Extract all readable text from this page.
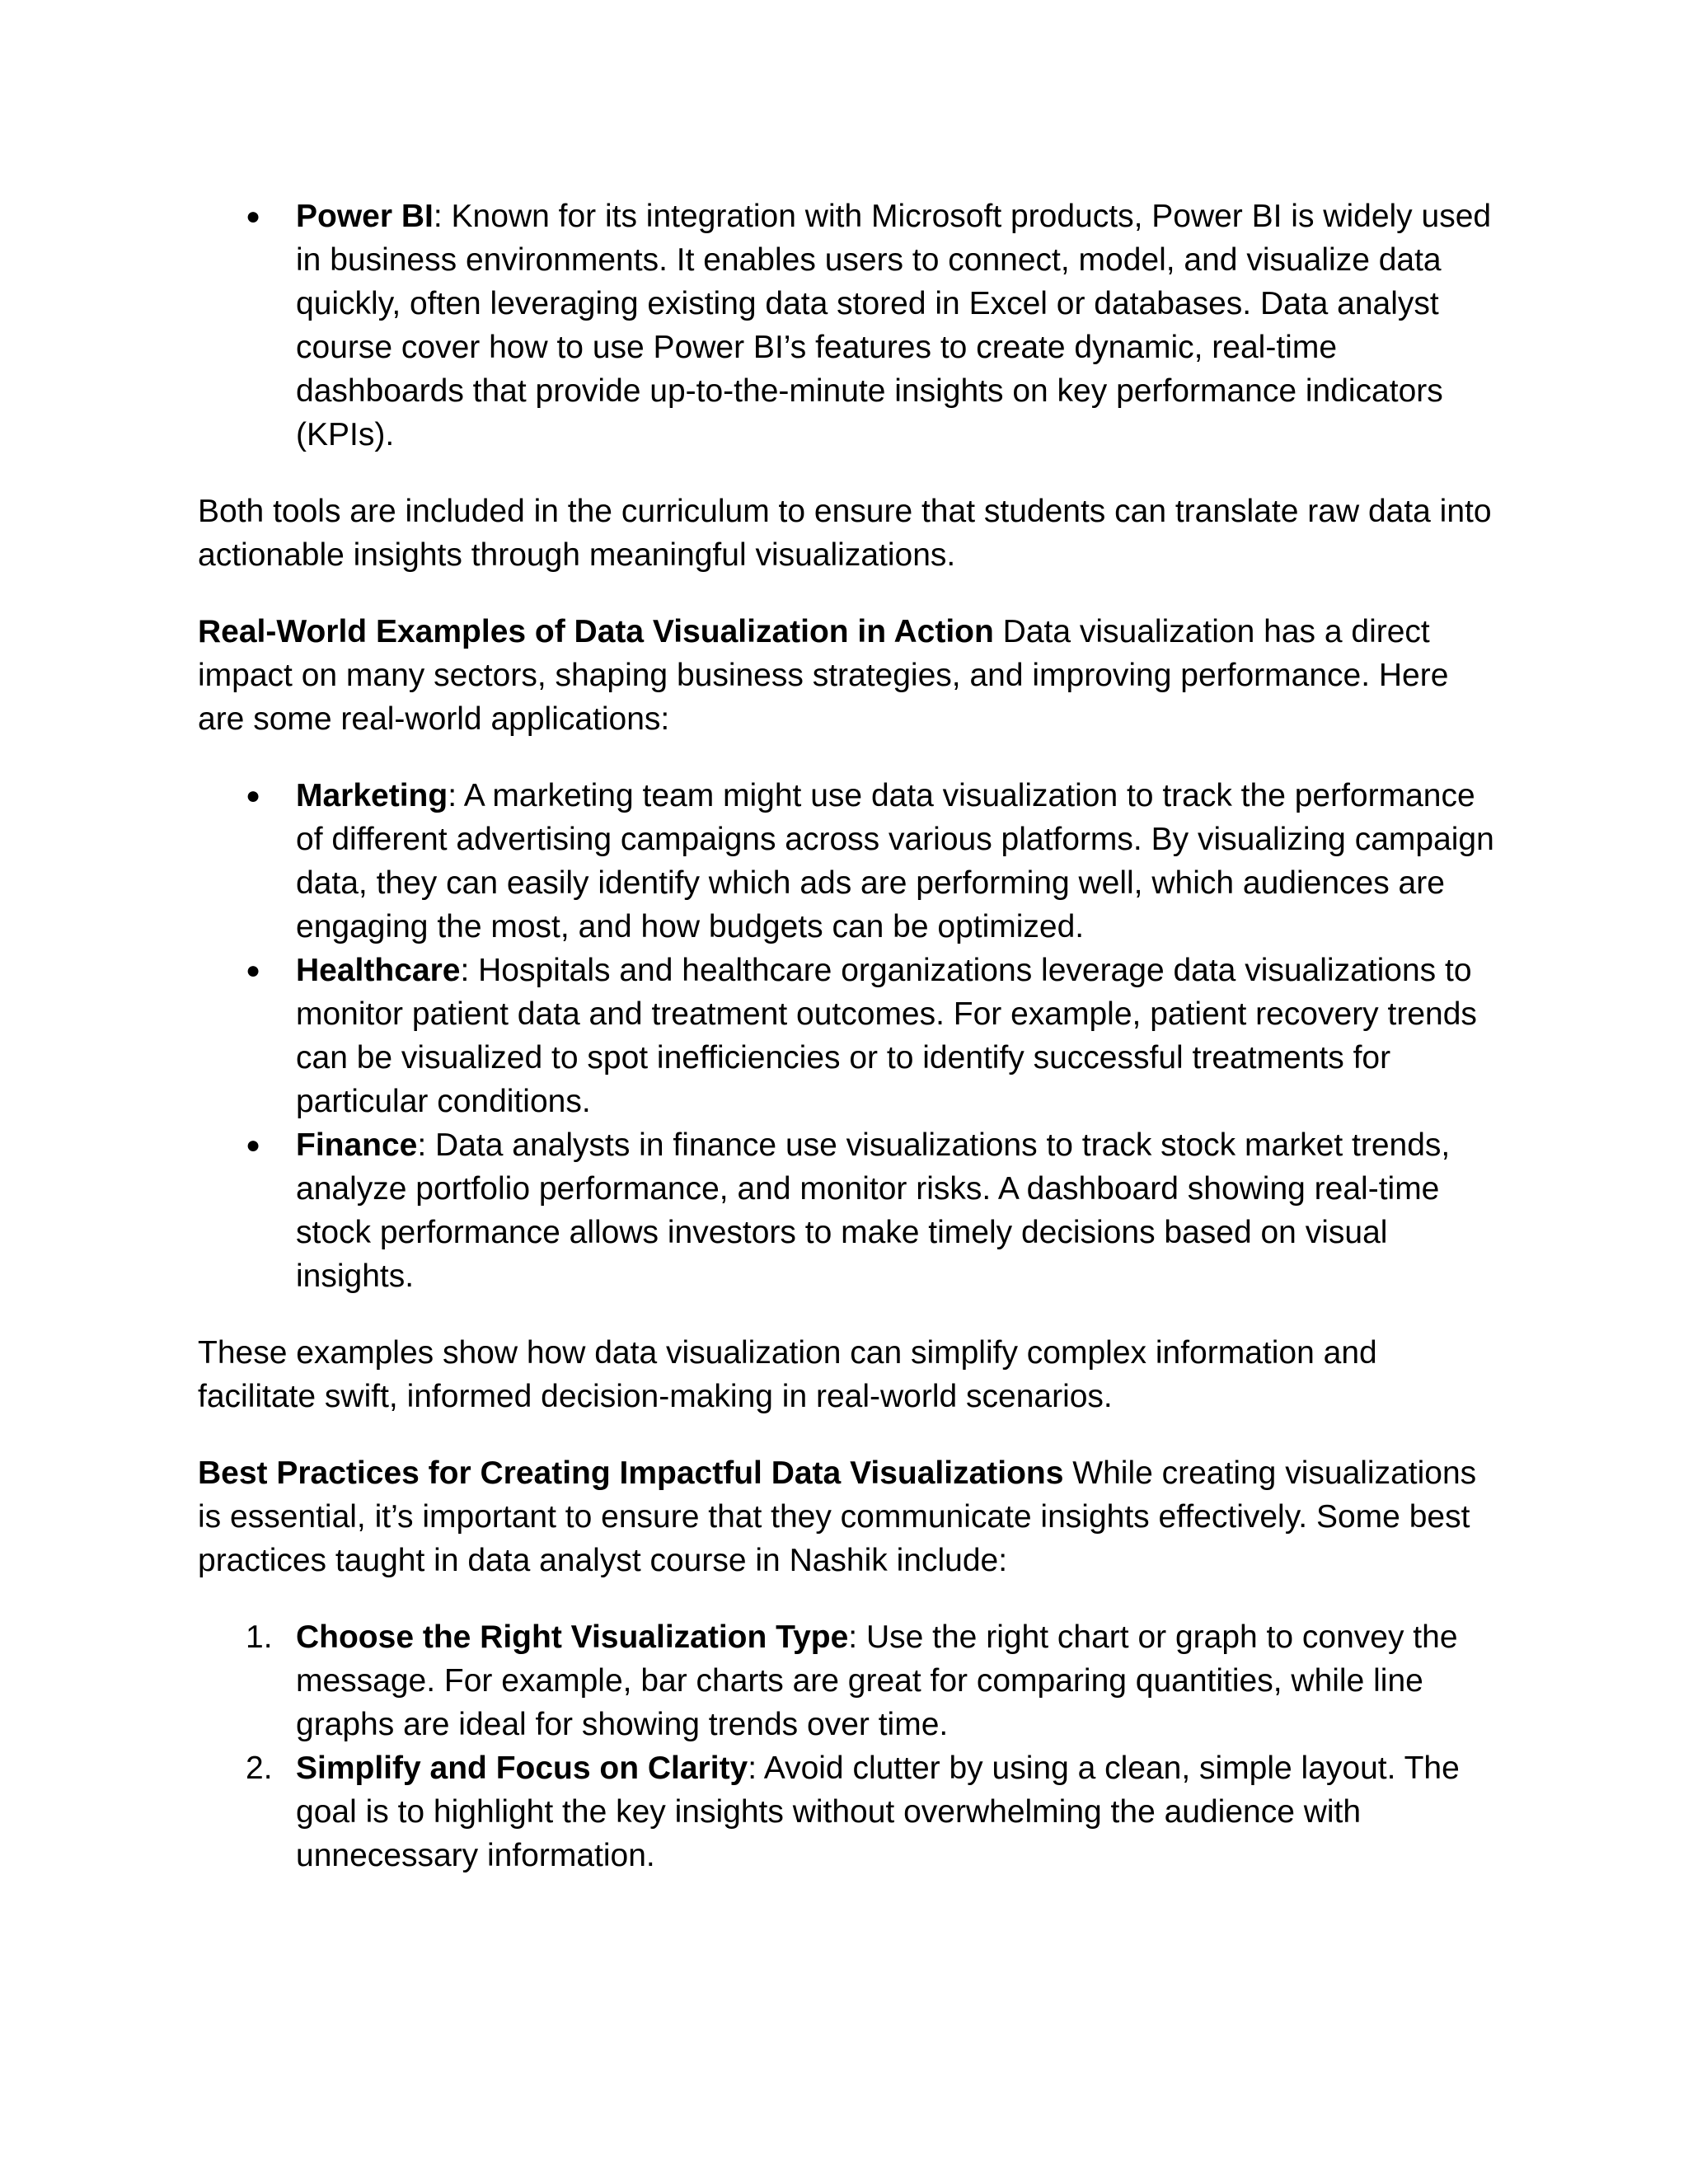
●	Power BI: Known for its integration with Microsoft products, Power BI is widely used in business environments. It enables users to connect, model, and visualize data quickly, often leveraging existing data stored in Excel or databases. Data analyst course cover how to use Power BI’s features to create dynamic, real-time dashboards that provide up-to-the-minute insights on key performance indicators (KPIs).

Both tools are included in the curriculum to ensure that students can translate raw data into actionable insights through meaningful visualizations.

Real-World Examples of Data Visualization in Action Data visualization has a direct impact on many sectors, shaping business strategies, and improving performance. Here are some real-world applications:

●	Marketing: A marketing team might use data visualization to track the performance of different advertising campaigns across various platforms. By visualizing campaign data, they can easily identify which ads are performing well, which audiences are engaging the most, and how budgets can be optimized.
●	Healthcare: Hospitals and healthcare organizations leverage data visualizations to monitor patient data and treatment outcomes. For example, patient recovery trends can be visualized to spot inefficiencies or to identify successful treatments for particular conditions.
●	Finance: Data analysts in finance use visualizations to track stock market trends, analyze portfolio performance, and monitor risks. A dashboard showing real-time stock performance allows investors to make timely decisions based on visual insights.

These examples show how data visualization can simplify complex information and facilitate swift, informed decision-making in real-world scenarios.

Best Practices for Creating Impactful Data Visualizations While creating visualizations is essential, it’s important to ensure that they communicate insights effectively. Some best practices taught in data analyst course in Nashik include:

1. Choose the Right Visualization Type: Use the right chart or graph to convey the message. For example, bar charts are great for comparing quantities, while line graphs are ideal for showing trends over time.
2. Simplify and Focus on Clarity: Avoid clutter by using a clean, simple layout. The goal is to highlight the key insights without overwhelming the audience with unnecessary information.
